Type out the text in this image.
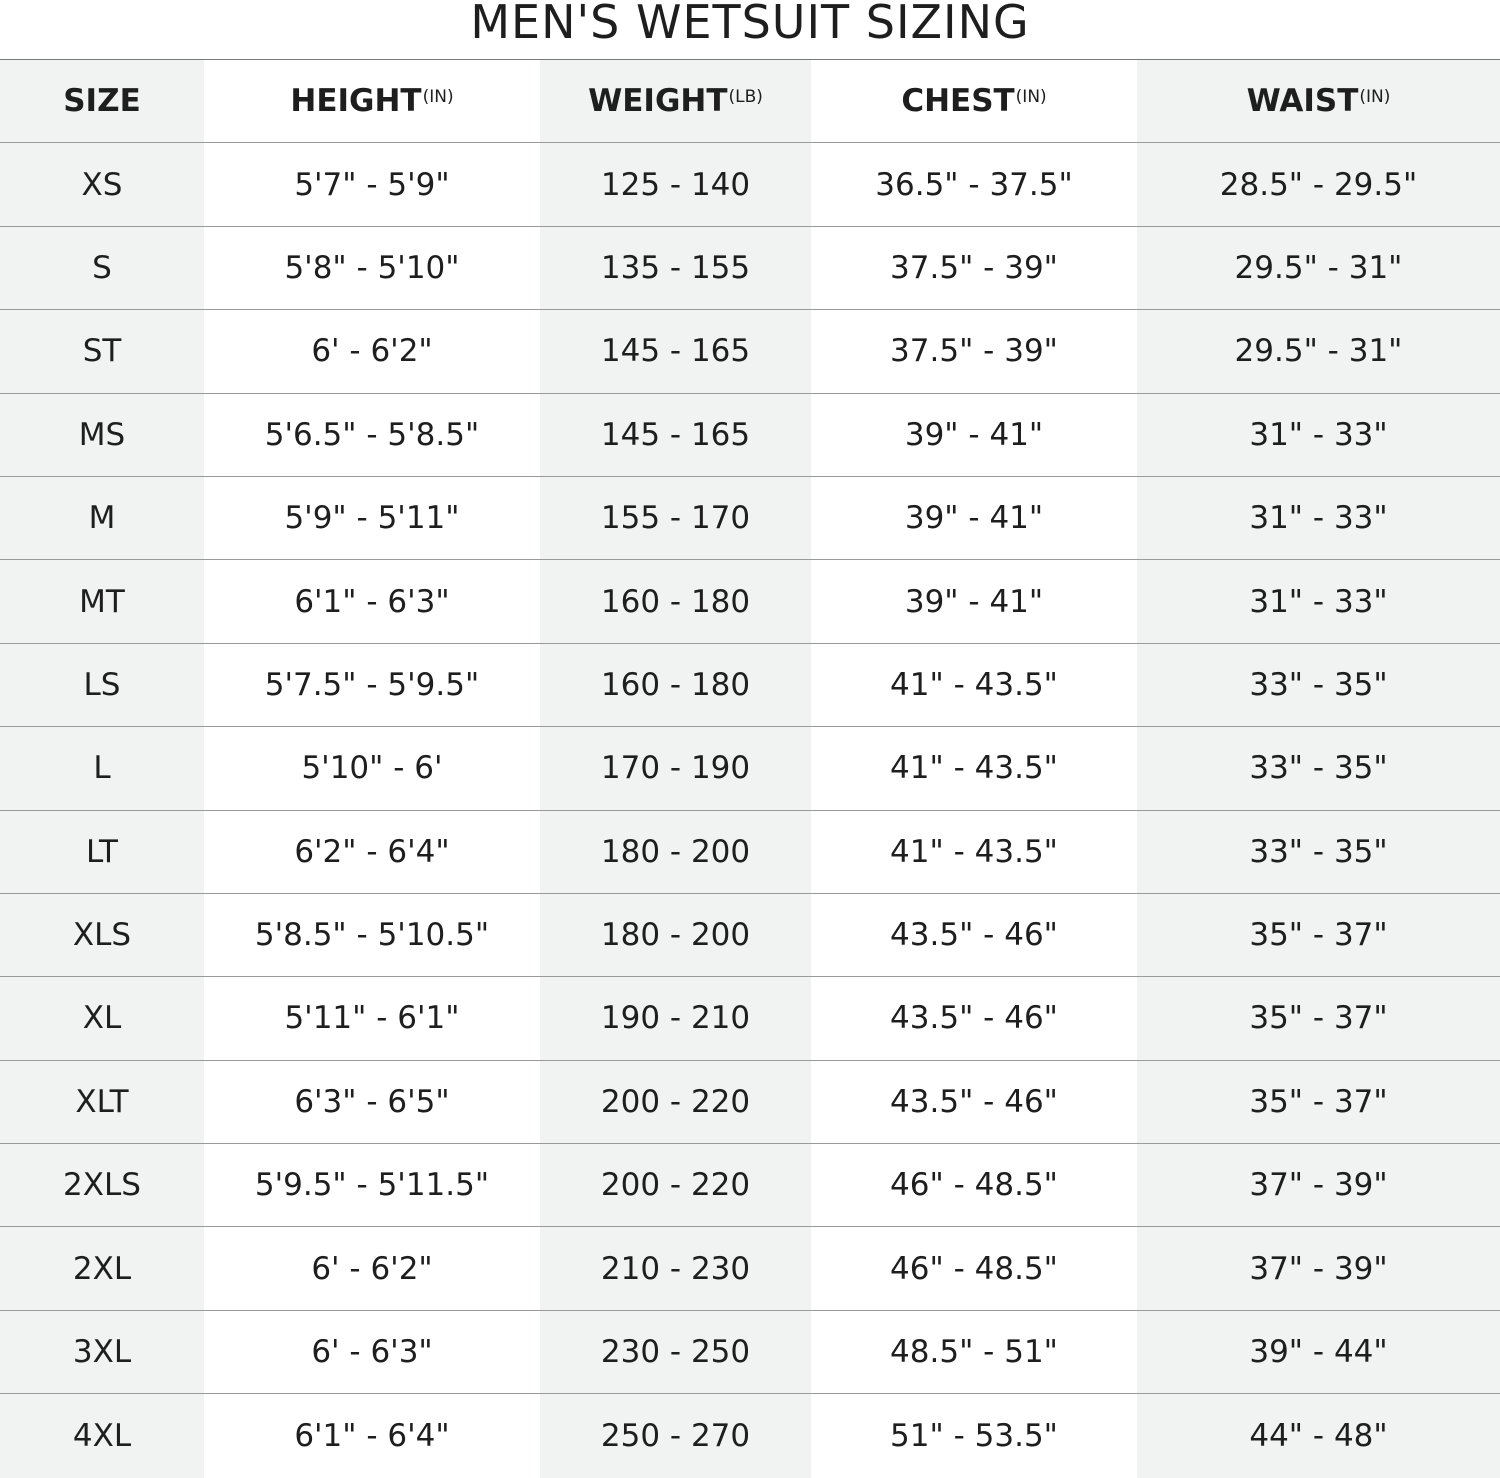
MEN'S WETSUIT SIZING
SIZE	HEIGHT (IN)	WEIGHT (LB)	CHEST (IN)	WAIST (IN)
XS	5'7" - 5'9"	125 - 140	36.5" - 37.5"	28.5" - 29.5"
S	5'8" - 5'10"	135 - 155	37.5" - 39"	29.5" - 31"
ST	6' - 6'2"	145 - 165	37.5" - 39"	29.5" - 31"
MS	5'6.5" - 5'8.5"	145 - 165	39" - 41"	31" - 33"
M	5'9" - 5'11"	155 - 170	39" - 41"	31" - 33"
MT	6'1" - 6'3"	160 - 180	39" - 41"	31" - 33"
LS	5'7.5" - 5'9.5"	160 - 180	41" - 43.5"	33" - 35"
L	5'10" - 6'	170 - 190	41" - 43.5"	33" - 35"
LT	6'2" - 6'4"	180 - 200	41" - 43.5"	33" - 35"
XLS	5'8.5" - 5'10.5"	180 - 200	43.5" - 46"	35" - 37"
XL	5'11" - 6'1"	190 - 210	43.5" - 46"	35" - 37"
XLT	6'3" - 6'5"	200 - 220	43.5" - 46"	35" - 37"
2XLS	5'9.5" - 5'11.5"	200 - 220	46" - 48.5"	37" - 39"
2XL	6' - 6'2"	210 - 230	46" - 48.5"	37" - 39"
3XL	6' - 6'3"	230 - 250	48.5" - 51"	39" - 44"
4XL	6'1" - 6'4"	250 - 270	51" - 53.5"	44" - 48"
